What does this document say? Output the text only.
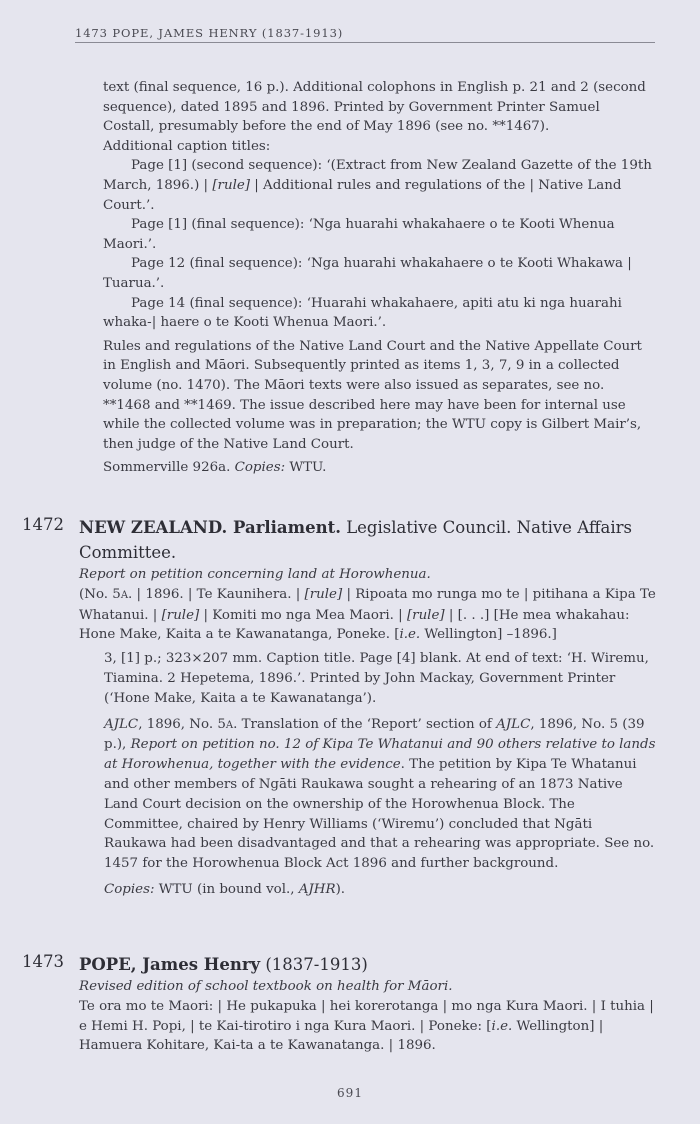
1473 POPE, JAMES HENRY (1837-1913)

text (final sequence, 16 p.). Additional colophons in English p. 21 and 2 (second sequence), dated 1895 and 1896. Printed by Government Printer Samuel Costall, presumably before the end of May 1896 (see no. **1467).

Additional caption titles:

Page [1] (second sequence): ‘(Extract from New Zealand Gazette of the 19th March, 1896.) | [rule] | Additional rules and regulations of the | Native Land Court.’.

Page [1] (final sequence): ‘Nga huarahi whakahaere o te Kooti Whenua Maori.’.

Page 12 (final sequence): ‘Nga huarahi whakahaere o te Kooti Whakawa | Tuarua.’.

Page 14 (final sequence): ‘Huarahi whakahaere, apiti atu ki nga huarahi whaka-| haere o te Kooti Whenua Maori.’.

Rules and regulations of the Native Land Court and the Native Appellate Court in English and Māori. Subsequently printed as items 1, 3, 7, 9 in a collected volume (no. 1470). The Māori texts were also issued as separates, see no. **1468 and **1469. The issue described here may have been for internal use while the collected volume was in preparation; the WTU copy is Gilbert Mair’s, then judge of the Native Land Court.

Sommerville 926a. Copies: WTU.

1472 NEW ZEALAND. Parliament. Legislative Council. Native Affairs Committee.

Report on petition concerning land at Horowhenua.

(No. 5A. | 1896. | Te Kaunihera. | [rule] | Ripoata mo runga mo te | pitihana a Kipa Te Whatanui. | [rule] | Komiti mo nga Mea Maori. | [rule] | [. . .] [He mea whakahau: Hone Make, Kaita a te Kawanatanga, Poneke. [i.e. Wellington] –1896.]

3, [1] p.; 323×207 mm. Caption title. Page [4] blank. At end of text: ‘H. Wiremu, Tiamina. 2 Hepetema, 1896.’. Printed by John Mackay, Government Printer (‘Hone Make, Kaita a te Kawanatanga’).

AJLC, 1896, No. 5A. Translation of the ‘Report’ section of AJLC, 1896, No. 5 (39 p.), Report on petition no. 12 of Kipa Te Whatanui and 90 others relative to lands at Horowhenua, together with the evidence. The petition by Kipa Te Whatanui and other members of Ngāti Raukawa sought a rehearing of an 1873 Native Land Court decision on the ownership of the Horowhenua Block. The Committee, chaired by Henry Williams (‘Wiremu’) concluded that Ngāti Raukawa had been disadvantaged and that a rehearing was appropriate. See no. 1457 for the Horowhenua Block Act 1896 and further background.

Copies: WTU (in bound vol., AJHR).

1473 POPE, James Henry (1837-1913)

Revised edition of school textbook on health for Māori.

Te ora mo te Maori: | He pukapuka | hei korerotanga | mo nga Kura Maori. | I tuhia | e Hemi H. Popi, | te Kai-tirotiro i nga Kura Maori. | Poneke: [i.e. Wellington] | Hamuera Kohitare, Kai-ta a te Kawanatanga. | 1896.

691
